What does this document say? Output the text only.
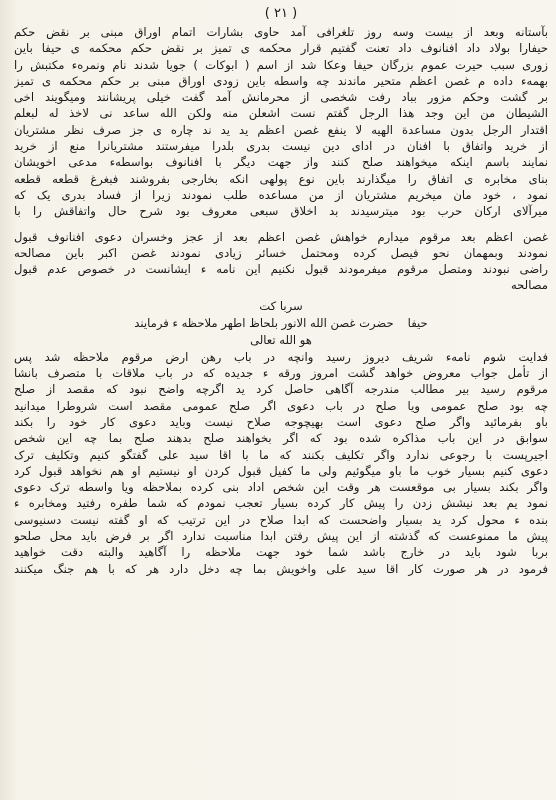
( ۲۱ )
بآستانه وبعد از بیست وسه روز تلغرافی آمد حاوی بشارات اتمام اوراق مبنی بر نقض حکم
حیفارا بولاد داد افنانوف داد تعنت گفتیم قرار محکمه ی تمیز بر نقض حکم محکمه ی حیفا باین
زوری سبب حیرت عموم بزرگان حیفا وعکا شد از اسم ( ابوکات ) جویا شدند نام ونمرهء مکتبش را
بهمهء داده م غصن اعظم متحیر ماندند چه واسطه باین زودی اوراق مبنی بر حکم محکمه ی تمیز
بر گشت وحکم مزور بباد رفت شخصی از محرمانش آمد گفت خیلی پریشانند ومیگویند اخی
الشیطان من این وجد هذا الرجل گفتم نست اشعلن منه ولکن الله ساعد نی لاخذ له لبعلم
اقتدار الرجل بدون مساعدة الهیه لا ینفع غصن اعظم ید ید ند چاره ی جز صرف نظر مشتریان
از خرید واتفاق با افنان در ادای دین نیست بدری بلدرا میفرستند مشتریانرا منع از خرید
نمایند باسم اینکه میخواهند صلح کنند واز جهت دیگر با افنانوف بواسطهء مدعی اخویشان
بنای مخابره ی اتفاق را میگذارند باین نوع پولهی انکه بخارجی بفروشند فبغرغ قطعه قطعه
نمود ، خود مان میخریم مشتریان از من مساعده طلب نمودند زیرا از فساد بدری یک که
میرآلای ارکان حرب بود میترسیدند بد اخلاق سبعی معروف بود شرح حال واتفاقش را با
غصن اعظم بعد مرقوم میدارم خواهش غصن اعظم بعد از عجز وخسران دعوی افنانوف قبول
نمودند وبمهمان نحو فیصل کرده ومحتمل خسائر زیادی نمودند غصن اکبر باین مصالحه
راضی نبودند ومتصل مرقوم میفرمودند قبول نکنیم این نامه ء ایشانست در خصوص عدم قبول
مصالحه
سربا کت
حیفا
حضرت غصن الله الانور بلحاظ اطهر ملاحظه ء فرمایند
هو الله تعالی
فدایت شوم نامهء شریف دیروز رسید وانچه در باب رهن ارض مرقوم ملاحظه شد پس
از تأمل جواب معروض خواهد گشت امروز ورقه ء جدیده که در باب ملاقات با متصرف بانشا
مرقوم رسید بیر مطالب مندرجه آگاهی حاصل کرد ید اگرچه واضح نبود که مقصد از صلح
چه بود صلح عمومی ویا صلح در باب دعوی اگر صلح عمومی مقصد است شروطرا میدانید
باو بفرمائید واگر صلح دعوی است بهیچوجه صلاح نیست وباید دعوی کار خود را بکند
سوابق در این باب مذاکره شده بود که اگر بخواهند صلح بدهند صلح بما چه این شخص
اجیرپست با رجوعی ندارد واگر تکلیف بکنند که ما با اقا سید علی گفتگو کنیم وتکلیف ترک
دعوی کنیم بسیار خوب ما باو میگوئیم ولی ما کفیل قبول کردن او نیستیم او هم نخواهد قبول کرد
واگر بکند بسیار بی موقعست هر وقت این شخص اداد بنی کرده بملاحظه ویا واسطه ترک دعوی
نمود یم بعد نیشش زدن را پیش کار کرده بسیار تعجب نمودم که شما طفره رفتید ومخابره ء
بنده ء محول کرد ید بسیار واضحست که ابدا صلاح در این ترتیب که او گفته نیست دسنیوسی
پیش ما ممنوعست که گذشته از این پیش رفتن ابدا مناسبت ندارد اگر بر فرض باید محل صلحو
بربا شود باید در خارج باشد شما خود جهت ملاحظه را آگاهید والبته دقت خواهید
فرمود در هر صورت کار اقا سید علی واخویش بما چه دخل دارد هر که با هم جنگ میکنند
